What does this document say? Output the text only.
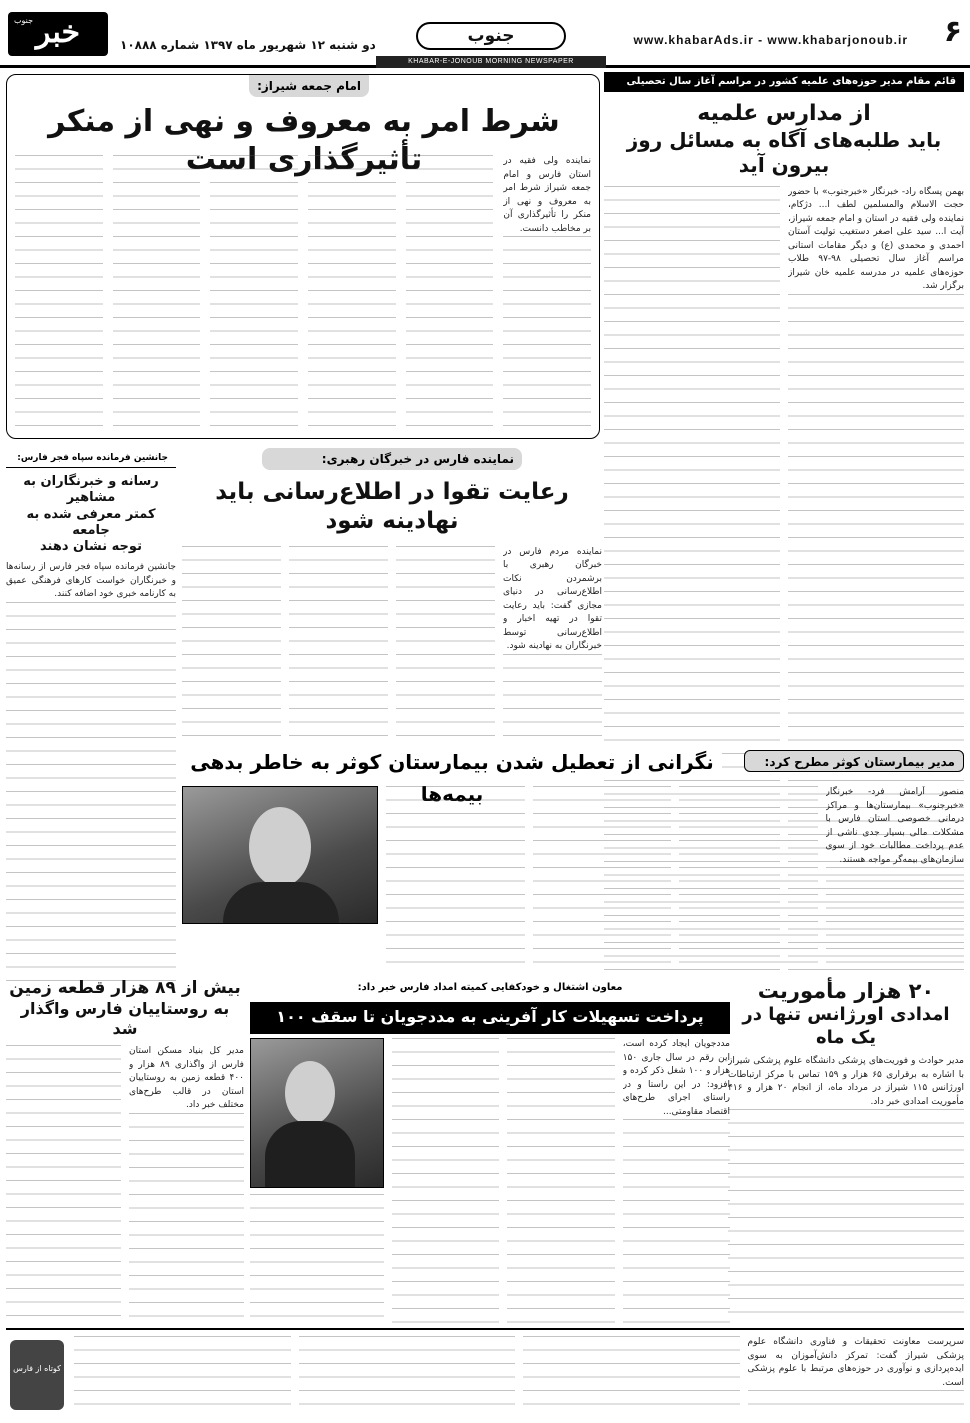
۶
www.khabarAds.ir - www.khabarjonoub.ir
جنوب
دو شنبه ۱۲ شهریور ماه ۱۳۹۷ شماره ۱۰۸۸۸
خبر
جنوب
KHABAR-E-JONOUB MORNING NEWSPAPER
قائم مقام مدیر حوزه‌های علمیه کشور در مراسم آغاز سال تحصیلی طلاب:
از مدارس علمیه
باید طلبه‌های آگاه به مسائل روز بیرون آید
بهمن پسگاه راد- خبرنگار «خبرجنوب» با حضور حجت الاسلام والمسلمین لطف ا... دژکام، نماینده ولی فقیه در استان و امام جمعه شیراز، آیت ا... سید علی اصغر دستغیب تولیت آستان احمدی و محمدی (ع) و دیگر مقامات استانی مراسم آغاز سال تحصیلی ۹۸-۹۷ طلاب حوزه‌های علمیه در مدرسه علمیه خان شیراز برگزار شد.
امام جمعه شیراز:
شرط امر به معروف و نهی از منکر تأثیرگذاری است	نماینده ولی فقیه در استان فارس و امام جمعه شیراز شرط امر به معروف و نهی از منکر را تأثیرگذاری آن بر مخاطب دانست.
نماینده فارس در خبرگان رهبری:
رعایت تقوا در اطلاع‌رسانی باید نهادینه شود
نماینده مردم فارس در خبرگان رهبری با برشمردن نکات اطلاع‌رسانی در دنیای مجازی گفت: باید رعایت تقوا در تهیه اخبار و اطلاع‌رسانی توسط خبرنگاران به نهادینه شود.
جانشین فرمانده سپاه فجر فارس:
رسانه و خبرنگاران به مشاهیر
کمتر معرفی شده به جامعه
توجه نشان دهند
جانشین فرمانده سپاه فجر فارس از رسانه‌ها و خبرنگاران خواست کارهای فرهنگی عمیق به کارنامه خبری خود اضافه کنند.
نگرانی از تعطیل شدن بیمارستان کوثر به خاطر بدهی بیمه‌ها
مدیر بیمارستان کوثر مطرح کرد:
منصور آرامش فرد- خبرنگار «خبرجنوب» بیمارستان‌ها و مراکز درمانی خصوصی استان فارس با مشکلات مالی بسیار جدی ناشی از عدم پرداخت مطالبات خود از سوی سازمان‌های بیمه‌گر مواجه هستند.
۲۰ هزار مأموریت
امدادی اورژانس تنها در یک ماه
مدیر حوادث و فوریت‌های پزشکی دانشگاه علوم پزشکی شیراز با اشاره به برقراری ۶۵ هزار و ۱۵۹ تماس با مرکز ارتباطات اورژانس ۱۱۵ شیراز در مرداد ماه، از انجام ۲۰ هزار و ۴۱۶ مأموریت امدادی خبر داد.
معاون اشتغال و خودکفایی کمیته امداد فارس خبر داد:
پرداخت تسهیلات کار آفرینی به مددجویان تا سقف ۱۰۰ میلیون تومان	مددجویان ایجاد کرده است، این رقم در سال جاری ۱۵۰ هزار و ۱۰۰ شغل ذکر کرده و افزود: در این راستا و در راستای اجرای طرح‌های اقتصاد مقاومتی...
بیش از ۸۹ هزار قطعه زمین
به روستاییان فارس واگذار شد
مدیر کل بنیاد مسکن استان فارس از واگذاری ۸۹ هزار و ۴۰۰ قطعه زمین به روستاییان استان در قالب طرح‌های مختلف خبر داد.
کوتاه از فارس
سرپرست معاونت تحقیقات و فناوری دانشگاه علوم پزشکی شیراز گفت: تمرکز دانش‌آموزان به سوی ایده‌پردازی و نوآوری در حوزه‌های مرتبط با علوم پزشکی است.
